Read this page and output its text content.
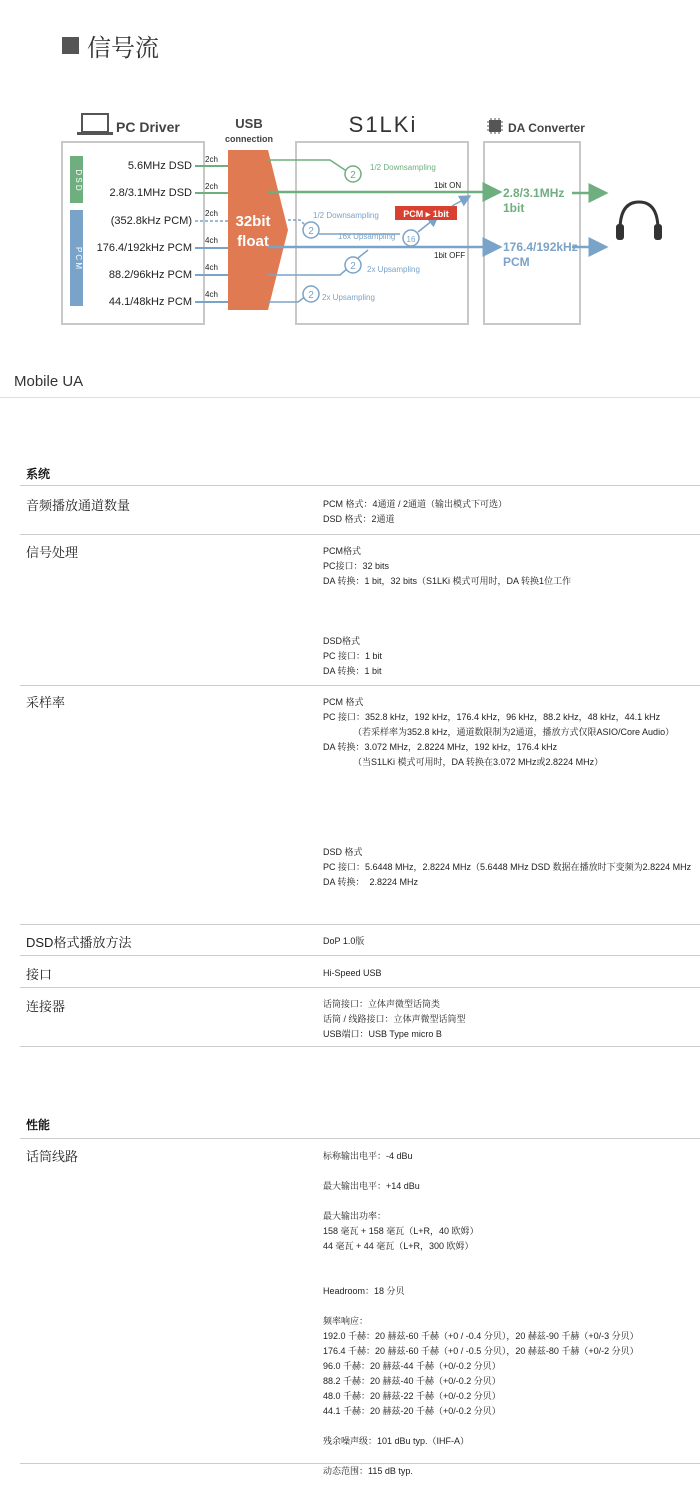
信号流
PC Driver	USB
connection
S1LKi	DA Converter
D S D
P C M
5.6MHz DSD
2.8/3.1MHz DSD
(352.8kHz PCM)
176.4/192kHz PCM
88.2/96kHz PCM
44.1/48kHz PCM
2ch
2ch
2ch
4ch
4ch
4ch
32bit
float
2
1/2 Downsampling
1bit ON
2.8/3.1MHz
1bit
2
1/2 Downsampling
16
16x Upsampling
PCM ▸ 1bit
1bit OFF
2 2x Upsampling
2 2x Upsampling
176.4/192kHz
PCM
Mobile UA
系统
音频播放通道数量	PCM 格式：4通道 / 2通道（输出模式下可选）
DSD 格式：2通道
信号处理	PCM格式
PC接口：32 bits
DA 转换：1 bit，32 bits（S1LKi 模式可用时，DA 转换1位工作

DSD格式
PC 接口：1 bit
DA 转换：1 bit
采样率	PCM 格式
PC 接口：352.8 kHz，192 kHz，176.4 kHz，96 kHz，88.2 kHz，48 kHz，44.1 kHz
（若采样率为352.8 kHz，通道数限制为2通道，播放方式仅限ASIO/Core Audio）
DA 转换：3.072 MHz，2.8224 MHz，192 kHz，176.4 kHz
（当S1LKi 模式可用时，DA 转换在3.072 MHz或2.8224 MHz）

DSD 格式
PC 接口：5.6448 MHz，2.8224 MHz（5.6448 MHz DSD 数据在播放时下变频为2.8224 MHz
DA 转换：  2.8224 MHz
DSD格式播放方法	DoP 1.0版
接口	Hi-Speed USB
连接器	话筒接口：立体声微型话筒类
话筒 / 线路接口：立体声微型话筒型
USB端口：USB Type micro B
性能
话筒线路	标称输出电平：-4 dBu

最大输出电平：+14 dBu

最大输出功率：
158 毫瓦 + 158 毫瓦（L+R，40 欧姆）
44 毫瓦 + 44 毫瓦（L+R，300 欧姆）

Headroom：18 分贝

频率响应：
192.0 千赫：20 赫兹-60 千赫（+0 / -0.4 分贝），20 赫兹-90 千赫（+0/-3 分贝）
176.4 千赫：20 赫兹-60 千赫（+0 / -0.5 分贝），20 赫兹-80 千赫（+0/-2 分贝）
96.0 千赫：20 赫兹-44 千赫（+0/-0.2 分贝）
88.2 千赫：20 赫兹-40 千赫（+0/-0.2 分贝）
48.0 千赫：20 赫兹-22 千赫（+0/-0.2 分贝）
44.1 千赫：20 赫兹-20 千赫（+0/-0.2 分贝）

残余噪声级：101 dBu typ.（IHF-A）

动态范围：115 dB typ.
